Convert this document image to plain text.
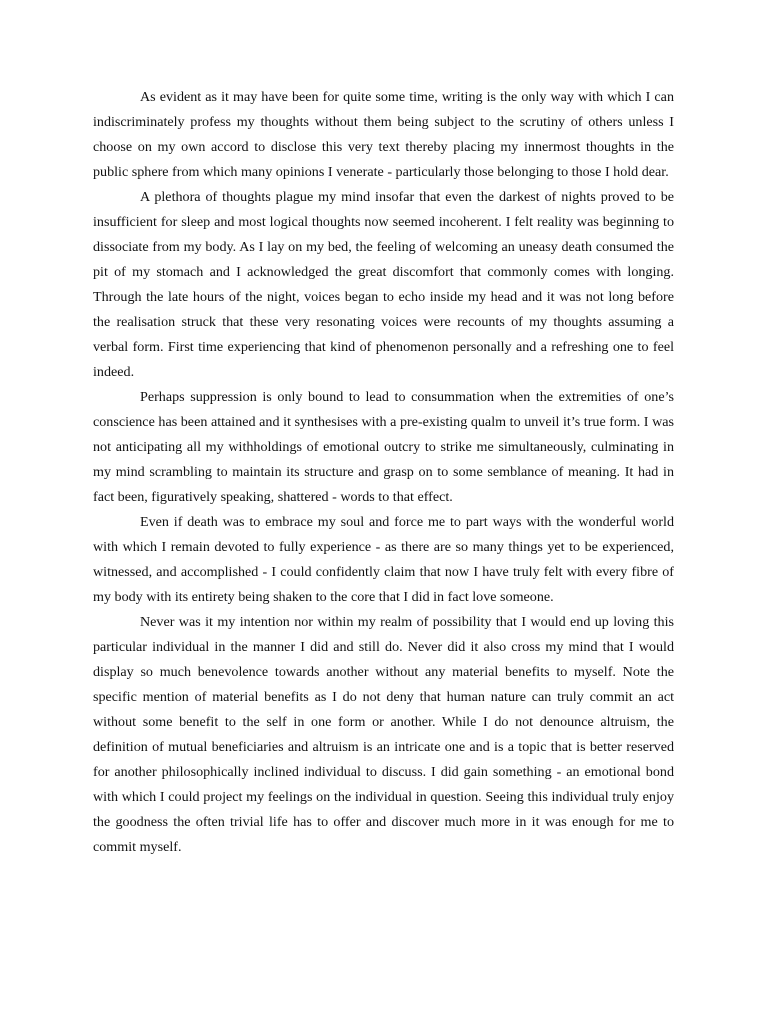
As evident as it may have been for quite some time, writing is the only way with which I can indiscriminately profess my thoughts without them being subject to the scrutiny of others unless I choose on my own accord to disclose this very text thereby placing my innermost thoughts in the public sphere from which many opinions I venerate - particularly those belonging to those I hold dear.

A plethora of thoughts plague my mind insofar that even the darkest of nights proved to be insufficient for sleep and most logical thoughts now seemed incoherent. I felt reality was beginning to dissociate from my body. As I lay on my bed, the feeling of welcoming an uneasy death consumed the pit of my stomach and I acknowledged the great discomfort that commonly comes with longing. Through the late hours of the night, voices began to echo inside my head and it was not long before the realisation struck that these very resonating voices were recounts of my thoughts assuming a verbal form. First time experiencing that kind of phenomenon personally and a refreshing one to feel indeed.

Perhaps suppression is only bound to lead to consummation when the extremities of one’s conscience has been attained and it synthesises with a pre-existing qualm to unveil it’s true form. I was not anticipating all my withholdings of emotional outcry to strike me simultaneously, culminating in my mind scrambling to maintain its structure and grasp on to some semblance of meaning. It had in fact been, figuratively speaking, shattered - words to that effect.

Even if death was to embrace my soul and force me to part ways with the wonderful world with which I remain devoted to fully experience - as there are so many things yet to be experienced, witnessed, and accomplished - I could confidently claim that now I have truly felt with every fibre of my body with its entirety being shaken to the core that I did in fact love someone.

Never was it my intention nor within my realm of possibility that I would end up loving this particular individual in the manner I did and still do. Never did it also cross my mind that I would display so much benevolence towards another without any material benefits to myself. Note the specific mention of material benefits as I do not deny that human nature can truly commit an act without some benefit to the self in one form or another. While I do not denounce altruism, the definition of mutual beneficiaries and altruism is an intricate one and is a topic that is better reserved for another philosophically inclined individual to discuss. I did gain something - an emotional bond with which I could project my feelings on the individual in question. Seeing this individual truly enjoy the goodness the often trivial life has to offer and discover much more in it was enough for me to commit myself.
